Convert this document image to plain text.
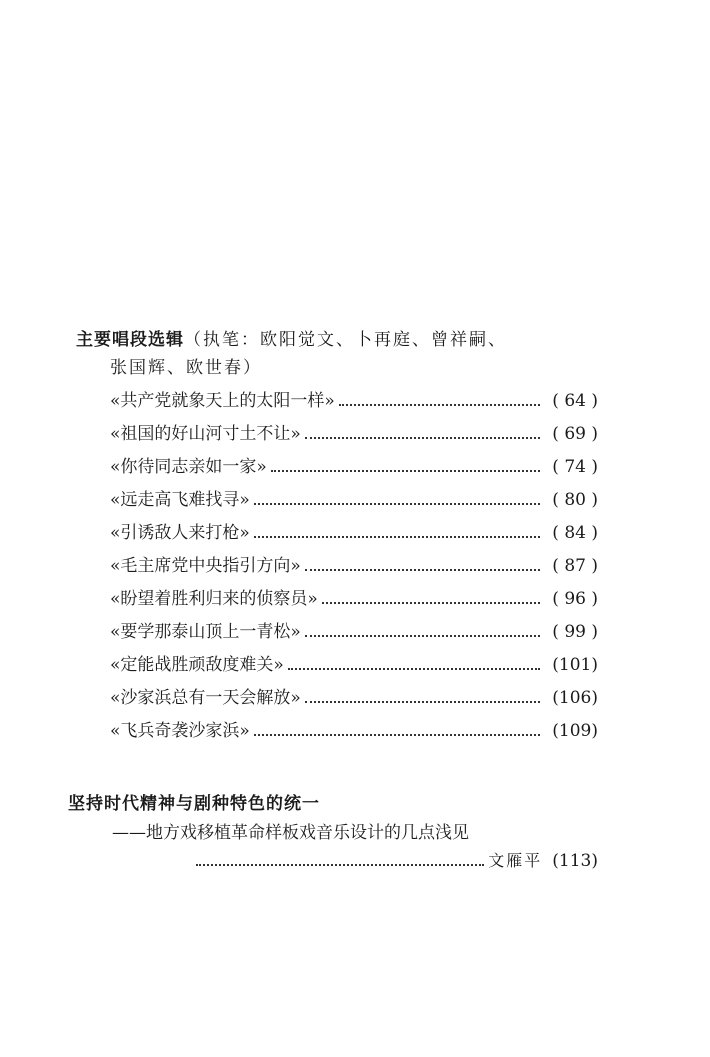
主要唱段选辑（执笔：欧阳觉文、卜再庭、曾祥嗣、
张国辉、欧世春）
«共产党就象天上的太阳一样»	( 64 )
«祖国的好山河寸土不让»	( 69 )
«你待同志亲如一家»	( 74 )
«远走高飞难找寻»	( 80 )
«引诱敌人来打枪»	( 84 )
«毛主席党中央指引方向»	( 87 )
«盼望着胜利归来的侦察员»	( 96 )
«要学那泰山顶上一青松»	( 99 )
«定能战胜顽敌度难关»	(101)
«沙家浜总有一天会解放»	(106)
«飞兵奇袭沙家浜»	(109)
坚持时代精神与剧种特色的统一
——地方戏移植革命样板戏音乐设计的几点浅见
文雁平 (113)
